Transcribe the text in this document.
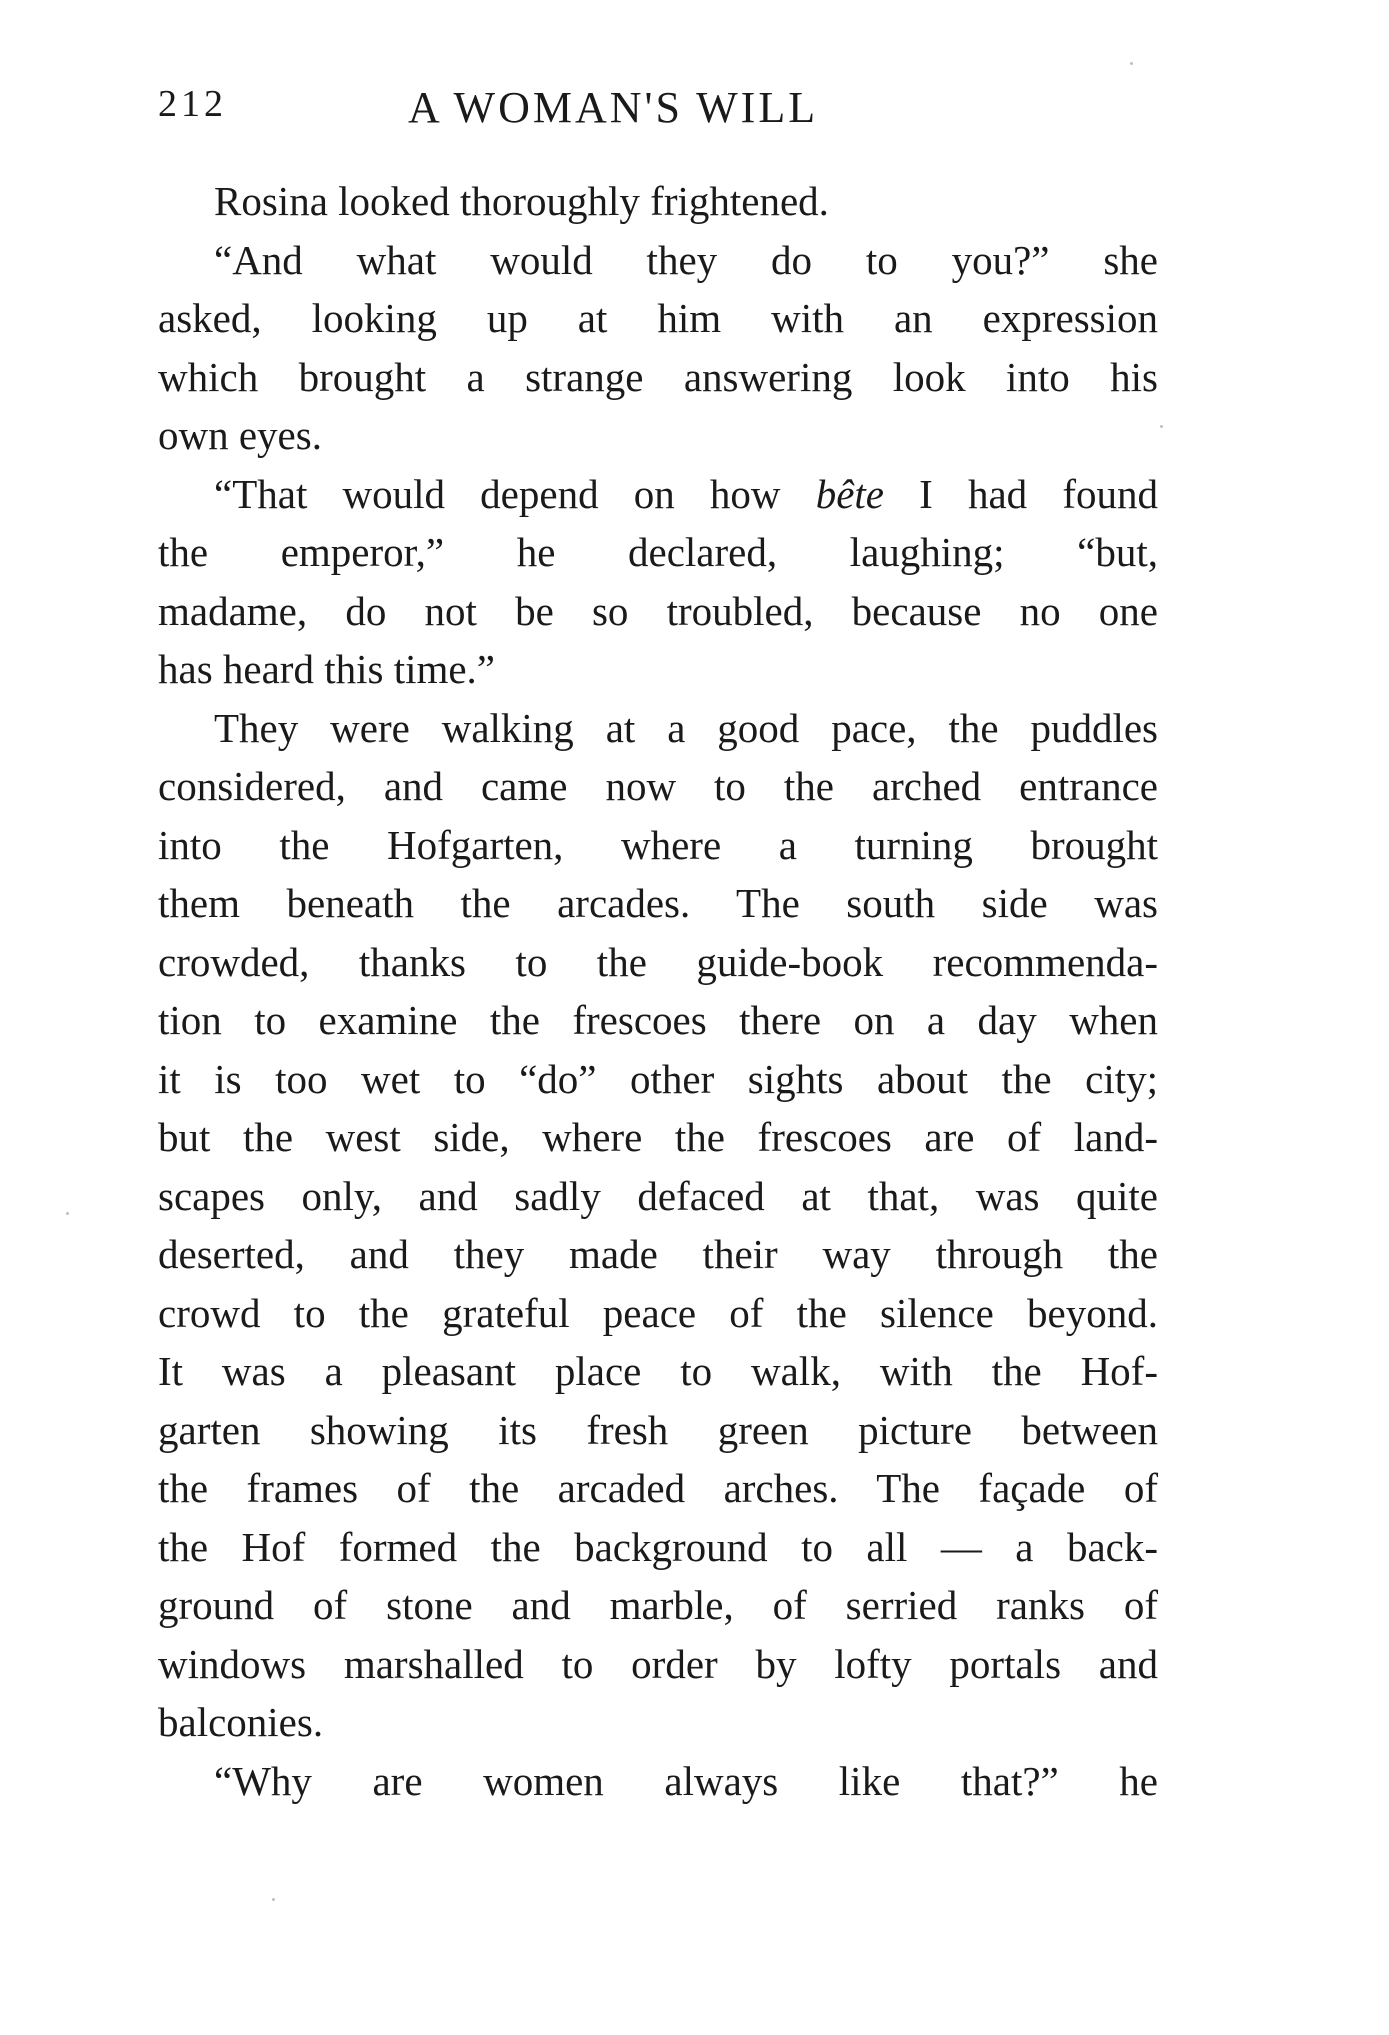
212	A WOMAN'S WILL
Rosina looked thoroughly frightened.
“And what would they do to you?” she
asked, looking up at him with an expression
which brought a strange answering look into his
own eyes.
“That would depend on how bête I had found
the emperor,” he declared, laughing; “but,
madame, do not be so troubled, because no one
has heard this time.”
They were walking at a good pace, the puddles
considered, and came now to the arched entrance
into the Hofgarten, where a turning brought
them beneath the arcades. The south side was
crowded, thanks to the guide-book recommenda-
tion to examine the frescoes there on a day when
it is too wet to “do” other sights about the city;
but the west side, where the frescoes are of land-
scapes only, and sadly defaced at that, was quite
deserted, and they made their way through the
crowd to the grateful peace of the silence beyond.
It was a pleasant place to walk, with the Hof-
garten showing its fresh green picture between
the frames of the arcaded arches. The façade of
the Hof formed the background to all — a back-
ground of stone and marble, of serried ranks of
windows marshalled to order by lofty portals and
balconies.
“Why are women always like that?” he
